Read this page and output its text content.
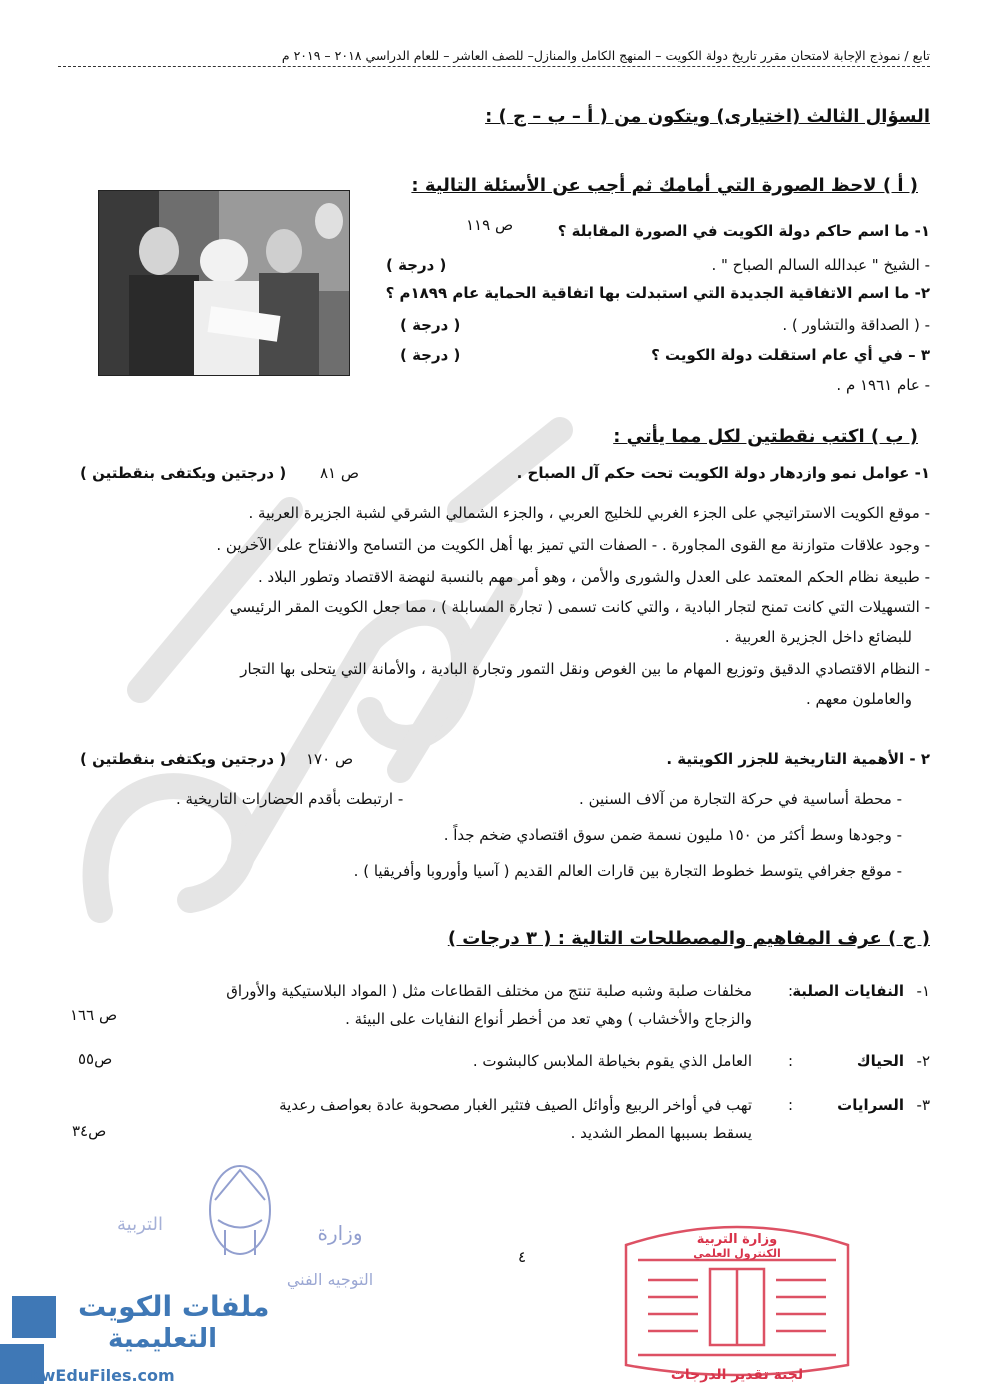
تابع / نموذج الإجابة لامتحان مقرر تاريخ دولة الكويت – المنهج الكامل والمنازل– للصف العاشر – للعام الدراسي ٢٠١٨ – ٢٠١٩ م
السؤال الثالث (اختيارى) ويتكون من ( أ – ب – ج ) :
( أ ) لاحظ الصورة التي أمامك ثم أجب عن الأسئلة التالية :
١- ما اسم حاكم دولة الكويت في الصورة المقابلة ؟
ص ١١٩
- الشيخ " عبدالله السالم الصباح " .
( درجة )
٢- ما اسم الاتفاقية الجديدة التي استبدلت بها اتفاقية الحماية عام ١٨٩٩م ؟
- ( الصداقة والتشاور ) .
( درجة )
٣ – في أي عام استقلت دولة الكويت ؟
( درجة )
- عام ١٩٦١ م .
( ب ) اكتب نقطتين لكل مما يأتي :
١- عوامل نمو وازدهار دولة الكويت تحت حكم آل الصباح .
ص ٨١
( درجتين ويكتفى بنقطتين )
- موقع الكويت الاستراتيجي على الجزء الغربي للخليج العربي ، والجزء الشمالي الشرقي لشبة الجزيرة العربية .
- وجود علاقات متوازنة مع القوى المجاورة . - الصفات التي تميز بها أهل الكويت من التسامح والانفتاح على الآخرين .
- طبيعة نظام الحكم المعتمد على العدل والشورى والأمن ، وهو أمر مهم بالنسبة لنهضة الاقتصاد وتطور البلاد .
- التسهيلات التي كانت تمنح لتجار البادية ، والتي كانت تسمى ( تجارة المسابلة ) ، مما جعل الكويت المقر الرئيسي
للبضائع داخل الجزيرة العربية .
- النظام الاقتصادي الدقيق وتوزيع المهام ما بين الغوص ونقل التمور وتجارة البادية ، والأمانة التي يتحلى بها التجار
والعاملون معهم .
٢ - الأهمية التاريخية للجزر الكويتية .
ص ١٧٠
( درجتين ويكتفى بنقطتين )
- محطة أساسية في حركة التجارة من آلاف السنين .
- ارتبطت بأقدم الحضارات التاريخية .
- وجودها وسط أكثر من ١٥٠ مليون نسمة ضمن سوق اقتصادي ضخم جداً .
- موقع جغرافي يتوسط خطوط التجارة بين قارات العالم القديم ( آسيا وأوروبا وأفريقيا ) .
( ج ) عرف المفاهيم والمصطلحات التالية : ( ٣ درجات )
١-
النفايات الصلبة
:
مخلفات صلبة وشبه صلبة تنتج من مختلف القطاعات مثل ( المواد البلاستيكية والأوراق
والزجاج والأخشاب ) وهي تعد من أخطر أنواع النفايات على البيئة .
ص ١٦٦
٢-
الحياك
:
العامل الذي يقوم بخياطة الملابس كالبشوت .
ص٥٥
٣-
السرايات
:
تهب في أواخر الربيع وأوائل الصيف فتثير الغبار مصحوبة عادة بعواصف رعدية
يسقط بسببها المطر الشديد .
ص٣٤
٤
وزارة
التربية
التوجيه الفني
وزارة التربية
الكنترول العلمي
لجنة تقدير الدرجات
ملفات الكويت
التعليمية
kwEduFiles.com
